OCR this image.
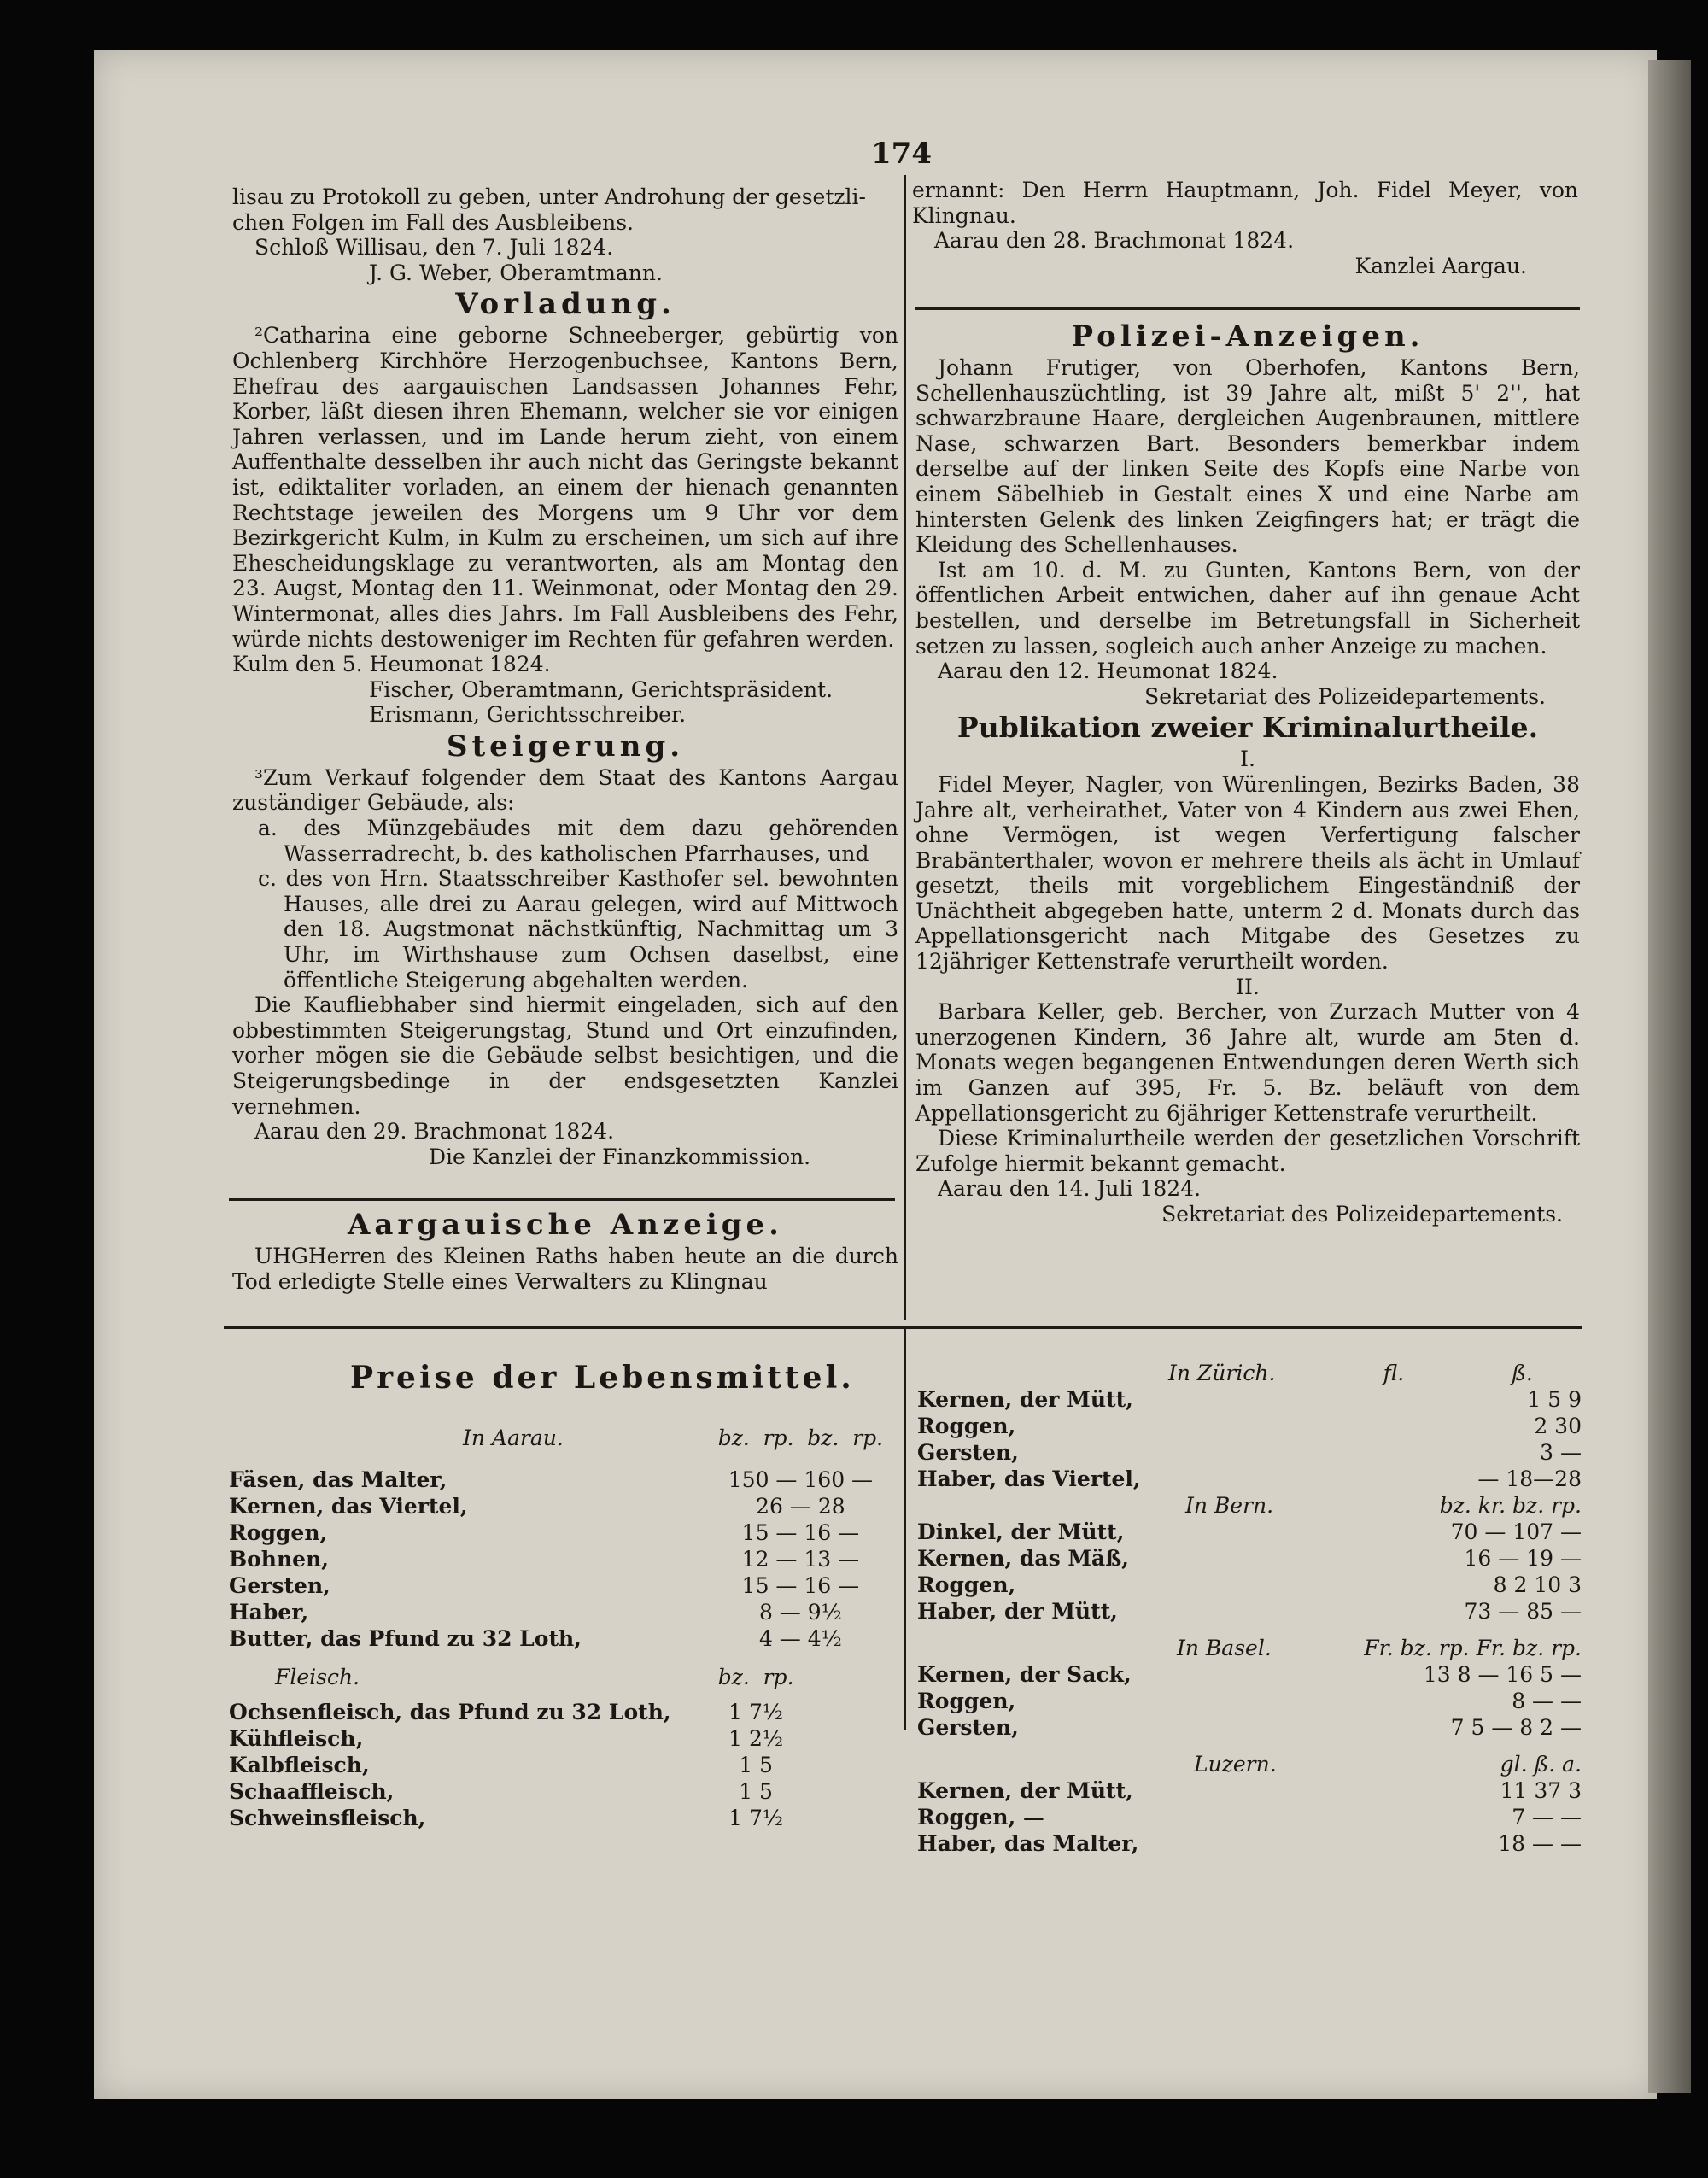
174

lisau zu Protokoll zu geben, unter Androhung der gesetzli-

chen Folgen im Fall des Ausbleibens.

Schloß Willisau, den 7. Juli 1824.

J. G. Weber, Oberamtmann.

Vorladung.

²Catharina eine geborne Schneeberger, gebürtig von Ochlenberg Kirchhöre Herzogenbuchsee, Kantons Bern, Ehefrau des aargauischen Landsassen Johannes Fehr, Korber, läßt diesen ihren Ehemann, welcher sie vor einigen Jahren verlassen, und im Lande herum zieht, von einem Auffenthalte desselben ihr auch nicht das Geringste bekannt ist, ediktaliter vorladen, an einem der hienach genannten Rechtstage jeweilen des Morgens um 9 Uhr vor dem Bezirkgericht Kulm, in Kulm zu erscheinen, um sich auf ihre Ehescheidungsklage zu verantworten, als am Montag den 23. Augst, Montag den 11. Weinmonat, oder Montag den 29. Wintermonat, alles dies Jahrs. Im Fall Ausbleibens des Fehr, würde nichts destoweniger im Rechten für gefahren werden.

Kulm den 5. Heumonat 1824.

Fischer, Oberamtmann, Gerichtspräsident.

Erismann, Gerichtsschreiber.

Steigerung.

³Zum Verkauf folgender dem Staat des Kantons Aargau zuständiger Gebäude, als:

a. des Münzgebäudes mit dem dazu gehörenden Wasserradrecht, b. des katholischen Pfarrhauses, und

c. des von Hrn. Staatsschreiber Kasthofer sel. bewohnten Hauses, alle drei zu Aarau gelegen, wird auf Mittwoch den 18. Augstmonat nächstkünftig, Nachmittag um 3 Uhr, im Wirthshause zum Ochsen daselbst, eine öffentliche Steigerung abgehalten werden.

Die Kaufliebhaber sind hiermit eingeladen, sich auf den obbestimmten Steigerungstag, Stund und Ort einzufinden, vorher mögen sie die Gebäude selbst besichtigen, und die Steigerungsbedinge in der endsgesetzten Kanzlei vernehmen.

Aarau den 29. Brachmonat 1824.

Die Kanzlei der Finanzkommission.

Aargauische Anzeige.

UHGHerren des Kleinen Raths haben heute an die durch Tod erledigte Stelle eines Verwalters zu Klingnau

ernannt: Den Herrn Hauptmann, Joh. Fidel Meyer, von Klingnau.

Aarau den 28. Brachmonat 1824.

Kanzlei Aargau.

Polizei-Anzeigen.

Johann Frutiger, von Oberhofen, Kantons Bern, Schellenhauszüchtling, ist 39 Jahre alt, mißt 5' 2'', hat schwarzbraune Haare, dergleichen Augenbraunen, mittlere Nase, schwarzen Bart. Besonders bemerkbar indem derselbe auf der linken Seite des Kopfs eine Narbe von einem Säbelhieb in Gestalt eines X und eine Narbe am hintersten Gelenk des linken Zeigfingers hat; er trägt die Kleidung des Schellenhauses.

Ist am 10. d. M. zu Gunten, Kantons Bern, von der öffentlichen Arbeit entwichen, daher auf ihn genaue Acht bestellen, und derselbe im Betretungsfall in Sicherheit setzen zu lassen, sogleich auch anher Anzeige zu machen.

Aarau den 12. Heumonat 1824.

Sekretariat des Polizeidepartements.

Publikation zweier Kriminalurtheile.

I.

Fidel Meyer, Nagler, von Würenlingen, Bezirks Baden, 38 Jahre alt, verheirathet, Vater von 4 Kindern aus zwei Ehen, ohne Vermögen, ist wegen Verfertigung falscher Brabänterthaler, wovon er mehrere theils als ächt in Umlauf gesetzt, theils mit vorgeblichem Eingeständniß der Unächtheit abgegeben hatte, unterm 2 d. Monats durch das Appellationsgericht nach Mitgabe des Gesetzes zu 12jähriger Kettenstrafe verurtheilt worden.

II.

Barbara Keller, geb. Bercher, von Zurzach Mutter von 4 unerzogenen Kindern, 36 Jahre alt, wurde am 5ten d. Monats wegen begangenen Entwendungen deren Werth sich im Ganzen auf 395, Fr. 5. Bz. beläuft von dem Appellationsgericht zu 6jähriger Kettenstrafe verurtheilt.

Diese Kriminalurtheile werden der gesetzlichen Vorschrift Zufolge hiermit bekannt gemacht.

Aarau den 14. Juli 1824.

Sekretariat des Polizeidepartements.

Preise der Lebensmittel.
In Aarau.	bz.	rp.	bz.	rp.

Fäsen, das Malter,	150 — 160 —			
Kernen, das Viertel,	26 — 28			
Roggen,	15 — 16 —			
Bohnen,	12 — 13 —			
Gersten,	15 — 16 —			
Haber,	8 — 9½			
Butter, das Pfund zu 32 Loth,	4 — 4½			

Fleisch.	bz.	rp.		

Ochsenfleisch, das Pfund zu 32 Loth,	1 7½			
Kühfleisch,	1 2½			
Kalbfleisch,	1 5			
Schaaffleisch,	1 5			
Schweinsfleisch,	1 7½			
In Zürich.	fl.	ß.
Kernen, der Mütt,	1 5 9	
Roggen,	2 30	
Gersten,	3 —	
Haber, das Viertel,	— 18—28	
In Bern.	bz. kr. bz. rp.	
Dinkel, der Mütt,	70 — 107 —	
Kernen, das Mäß,	16 — 19 —	
Roggen,	8 2 10 3	
Haber, der Mütt,	73 — 85 —	

In Basel.	Fr. bz. rp. Fr. bz. rp.	
Kernen, der Sack,	13 8 — 16 5 —	
Roggen,	8 — —	
Gersten,	7 5 — 8 2 —	

Luzern.	gl. ß. a.	
Kernen, der Mütt,	11 37 3	
Roggen, —	7 — —	
Haber, das Malter,	18 — —	
